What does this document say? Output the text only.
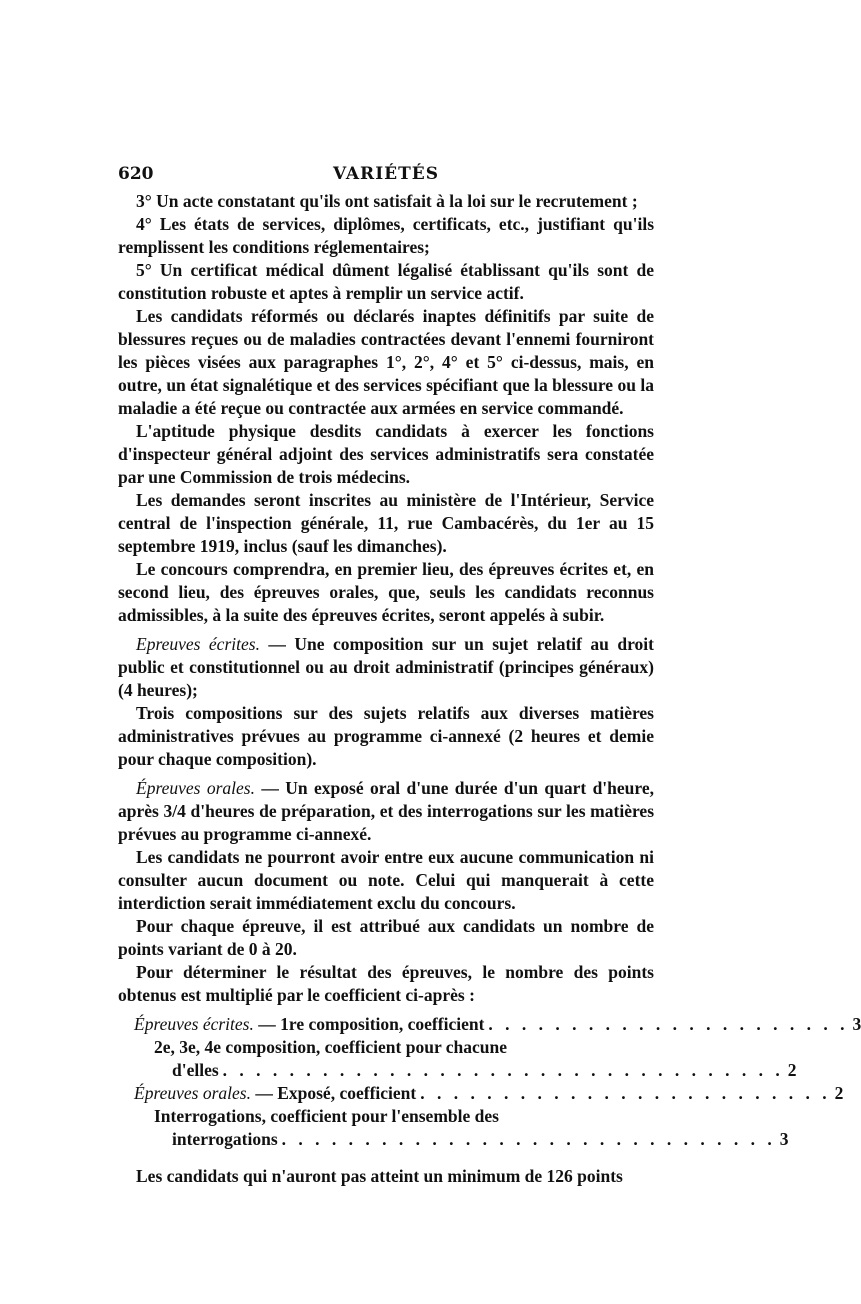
620	VARIÉTÉS

3° Un acte constatant qu'ils ont satisfait à la loi sur le recrutement ;

4° Les états de services, diplômes, certificats, etc., justifiant qu'ils remplissent les conditions réglementaires;

5° Un certificat médical dûment légalisé établissant qu'ils sont de constitution robuste et aptes à remplir un service actif.

Les candidats réformés ou déclarés inaptes définitifs par suite de blessures reçues ou de maladies contractées devant l'ennemi fourniront les pièces visées aux paragraphes 1°, 2°, 4° et 5° ci-dessus, mais, en outre, un état signalétique et des services spécifiant que la blessure ou la maladie a été reçue ou contractée aux armées en service commandé.

L'aptitude physique desdits candidats à exercer les fonctions d'inspecteur général adjoint des services administratifs sera constatée par une Commission de trois médecins.

Les demandes seront inscrites au ministère de l'Intérieur, Service central de l'inspection générale, 11, rue Cambacérès, du 1er au 15 septembre 1919, inclus (sauf les dimanches).

Le concours comprendra, en premier lieu, des épreuves écrites et, en second lieu, des épreuves orales, que, seuls les candidats reconnus admissibles, à la suite des épreuves écrites, seront appelés à subir.

Epreuves écrites. — Une composition sur un sujet relatif au droit public et constitutionnel ou au droit administratif (principes généraux) (4 heures);

Trois compositions sur des sujets relatifs aux diverses matières administratives prévues au programme ci-annexé (2 heures et demie pour chaque composition).

Épreuves orales. — Un exposé oral d'une durée d'un quart d'heure, après 3/4 d'heures de préparation, et des interrogations sur les matières prévues au programme ci-annexé.

Les candidats ne pourront avoir entre eux aucune communication ni consulter aucun document ou note. Celui qui manquerait à cette interdiction serait immédiatement exclu du concours.

Pour chaque épreuve, il est attribué aux candidats un nombre de points variant de 0 à 20.

Pour déterminer le résultat des épreuves, le nombre des points obtenus est multiplié par le coefficient ci-après :

Épreuves écrites. — 1re composition, coefficient . . . . . . . . . . . . . . . . . . . . . . 3
2e, 3e, 4e composition, coefficient pour chacune
d'elles . . . . . . . . . . . . . . . . . . . . . . . . . . . . . . . . . . 2
Épreuves orales. — Exposé, coefficient . . . . . . . . . . . . . . . . . . . . . . . . . 2
Interrogations, coefficient pour l'ensemble des
interrogations . . . . . . . . . . . . . . . . . . . . . . . . . . . . . . 3

Les candidats qui n'auront pas atteint un minimum de 126 points
